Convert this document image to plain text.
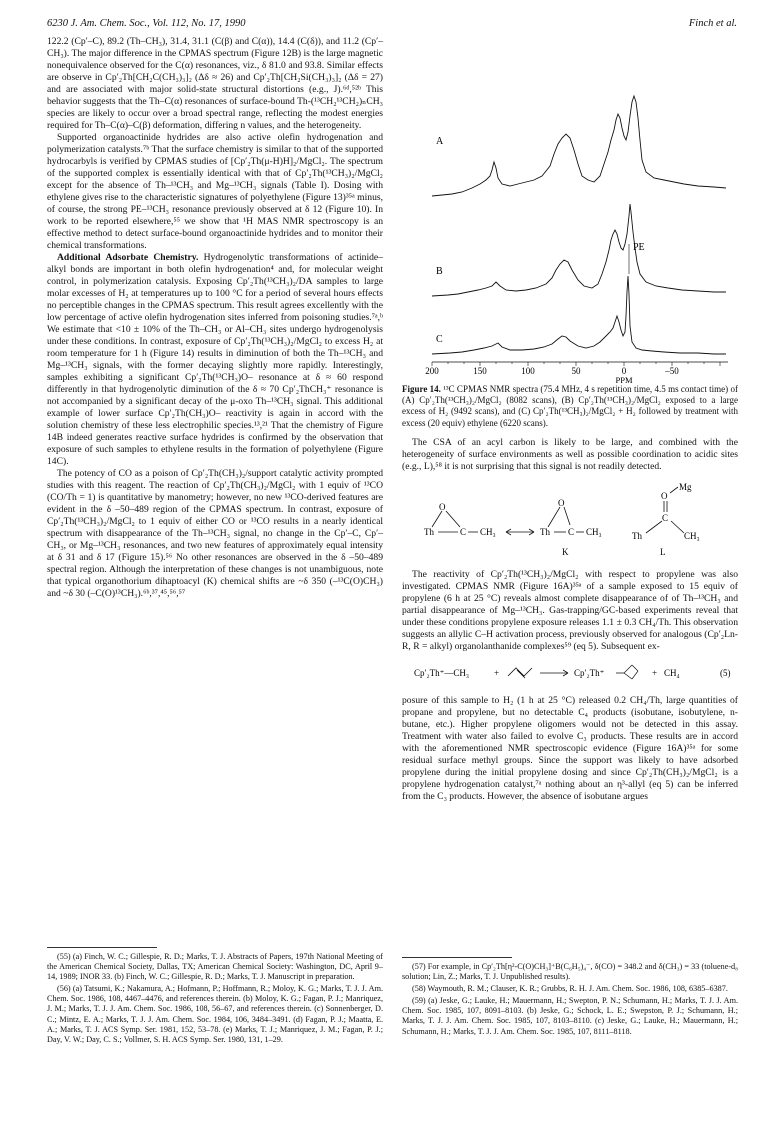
6230 J. Am. Chem. Soc., Vol. 112, No. 17, 1990	Finch et al.

122.2 (Cp′–C), 89.2 (Th–CH₃), 31.4, 31.1 (C(β) and C(α)), 14.4 (C(δ)), and 11.2 (Cp′–CH₃). The major difference in the CPMAS spectrum (Figure 12B) is the large magnetic nonequivalence observed for the C(α) resonances, viz., δ 81.0 and 93.8. Similar effects are observe in Cp′₂Th[CH₂C(CH₃)₃]₂ (Δδ ≈ 26) and Cp′₂Th[CH₂Si(CH₃)₃]₂ (Δδ = 27) and are associated with major solid-state structural distortions (e.g., J).⁶ᵈ,⁵²ᵇ This behavior suggests that the Th–C(α) resonances of surface-bound Th-(¹³CH₂¹³CH₂)ₙCH₃ species are likely to occur over a broad spectral range, reflecting the modest energies required for Th–C(α)–C(β) deformation, differing n values, and the heterogeneity.

Supported organoactinide hydrides are also active olefin hydrogenation and polymerization catalysts.⁷ᵇ That the surface chemistry is similar to that of the supported hydrocarbyls is verified by CPMAS studies of [Cp′₂Th(μ-H)H]₂/MgCl₂. The spectrum of the supported complex is essentially identical with that of Cp′₂Th(¹³CH₃)₂/MgCl₂ except for the absence of Th–¹³CH₃ and Mg–¹³CH₃ signals (Table I). Dosing with ethylene gives rise to the characteristic signatures of polyethylene (Figure 13)³⁵ᵃ minus, of course, the strong PE–¹³CH₃ resonance previously observed at δ 12 (Figure 10). In work to be reported elsewhere,⁵⁵ we show that ¹H MAS NMR spectroscopy is an effective method to detect surface-bound organoactinide hydrides and to monitor their chemical transformations.

Additional Adsorbate Chemistry. Hydrogenolytic transformations of actinide–alkyl bonds are important in both olefin hydrogenation⁴ and, for molecular weight control, in polymerization catalysis. Exposing Cp′₂Th(¹³CH₃)₂/DA samples to large molar excesses of H₂ at temperatures up to 100 °C for a period of several hours effects no perceptible changes in the CPMAS spectrum. This result agrees excellently with the low percentage of active olefin hydrogenation sites inferred from poisoning studies.⁷ᵃ,ᵇ We estimate that <10 ± 10% of the Th–CH₃ or Al–CH₃ sites undergo hydrogenolysis under these conditions. In contrast, exposure of Cp′₂Th(¹³CH₃)₂/MgCl₂ to excess H₂ at room temperature for 1 h (Figure 14) results in diminution of both the Th–¹³CH₃ and Mg–¹³CH₃ signals, with the former decaying slightly more rapidly. Interestingly, samples exhibiting a significant Cp′₂Th(¹³CH₃)O– resonance at δ ≈ 60 respond differently in that hydrogenolytic diminution of the δ ≈ 70 Cp′₂ThCH₃⁺ resonance is not accompanied by a significant decay of the μ-oxo Th–¹³CH₃ signal. This additional example of lower surface Cp′₂Th(CH₃)O– reactivity is again in accord with the solution chemistry of these less electrophilic species.¹³,²¹ That the chemistry of Figure 14B indeed generates reactive surface hydrides is confirmed by the observation that exposure of such samples to ethylene results in the formation of polyethylene (Figure 14C).

The potency of CO as a poison of Cp′₂Th(CH₃)₂/support catalytic activity prompted studies with this reagent. The reaction of Cp′₂Th(CH₃)₂/MgCl₂ with 1 equiv of ¹³CO (CO/Th = 1) is quantitative by manometry; however, no new ¹³CO-derived features are evident in the δ –50–489 region of the CPMAS spectrum. In contrast, exposure of Cp′₂Th(¹³CH₃)₂/MgCl₂ to 1 equiv of either CO or ¹³CO results in a nearly identical spectrum with disappearance of the Th–¹³CH₃ signal, no change in the Cp′–C, Cp′–CH₃, or Mg–¹³CH₃ resonances, and two new features of approximately equal intensity at δ 31 and δ 17 (Figure 15).⁵⁶ No other resonances are observed in the δ –50–489 spectral region. Although the interpretation of these changes is not unambiguous, note that typical organothorium dihaptoacyl (K) chemical shifts are ~δ 350 (–¹³C(O)CH₃) and ~δ 30 (–C(O)¹³CH₃).⁶ᵇ,³⁷,⁴⁵,⁵⁶,⁵⁷

(55) (a) Finch, W. C.; Gillespie, R. D.; Marks, T. J. Abstracts of Papers, 197th National Meeting of the American Chemical Society, Dallas, TX; American Chemical Society: Washington, DC, April 9–14, 1989; INOR 33. (b) Finch, W. C.; Gillespie, R. D.; Marks, T. J. Manuscript in preparation.

(56) (a) Tatsumi, K.; Nakamura, A.; Hofmann, P.; Hoffmann, R.; Moloy, K. G.; Marks, T. J. J. Am. Chem. Soc. 1986, 108, 4467–4476, and references therein. (b) Moloy, K. G.; Fagan, P. J.; Manriquez, J. M.; Marks, T. J. J. Am. Chem. Soc. 1986, 108, 56–67, and references therein. (c) Sonnenberger, D. C.; Mintz, E. A.; Marks, T. J. J. Am. Chem. Soc. 1984, 106, 3484–3491. (d) Fagan, P. J.; Maatta, E. A.; Marks, T. J. ACS Symp. Ser. 1981, 152, 53–78. (e) Marks, T. J.; Manriquez, J. M.; Fagan, P. J.; Day, V. W.; Day, C. S.; Vollmer, S. H. ACS Symp. Ser. 1980, 131, 1–29.

PE
A
B
C
200	150	100	50	0	–50
PPM

Figure 14. ¹³C CPMAS NMR spectra (75.4 MHz, 4 s repetition time, 4.5 ms contact time) of (A) Cp′₂Th(¹³CH₃)₂/MgCl₂ (8082 scans), (B) Cp′₂Th(¹³CH₃)₂/MgCl₂ exposed to a large excess of H₂ (9492 scans), and (C) Cp′₂Th(¹³CH₃)₂/MgCl₂ + H₂ followed by treatment with excess (20 equiv) ethylene (6220 scans).

The CSA of an acyl carbon is likely to be large, and combined with the heterogeneity of surface environments as well as possible coordination to acidic sites (e.g., L),⁵⁸ it is not surprising that this signal is not readily detected.

Th	C CH₃
O
Th C CH₃
O
K
Th
C
CH₃
O
Mg
L

The reactivity of Cp′₂Th(¹³CH₃)₂/MgCl₂ with respect to propylene was also investigated. CPMAS NMR (Figure 16A)³⁵ᵃ of a sample exposed to 15 equiv of propylene (6 h at 25 °C) reveals almost complete disappearance of of Th–¹³CH₃ and partial disappearance of Mg–¹³CH₃. Gas-trapping/GC-based experiments reveal that under these conditions propylene exposure releases 1.1 ± 0.3 CH₄/Th. This observation suggests an allylic C–H activation process, previously observed for analogous (Cp′₂Ln-R, R = alkyl) organolanthanide complexes⁵⁹ (eq 5). Subsequent ex-

Cp′₂Th⁺—CH₃	+	Cp′₂Th⁺	+ CH₄	(5)

posure of this sample to H₂ (1 h at 25 °C) released 0.2 CH₄/Th, large quantities of propane and propylene, but no detectable C₄ products (isobutane, isobutylene, n-butane, etc.). Higher propylene oligomers would not be detected in this assay. Treatment with water also failed to evolve C₃ products. These results are in accord with the aforementioned NMR spectroscopic evidence (Figure 16A)³⁵ᵃ for some residual surface methyl groups. Since the support was likely to have adsorbed propylene during the initial propylene dosing and since Cp′₂Th(CH₃)₂/MgCl₂ is a propylene hydrogenation catalyst,⁷ᵃ nothing about an η³-allyl (eq 5) can be inferred from the C₃ products. However, the absence of isobutane argues

(57) For example, in Cp′₂Th[η²-C(O)CH₃]⁺B(C₆H₅)₄⁻, δ(CO) = 348.2 and δ(CH₃) = 33 (toluene-d₈ solution; Lin, Z.; Marks, T. J. Unpublished results).

(58) Waymouth, R. M.; Clauser, K. R.; Grubbs, R. H. J. Am. Chem. Soc. 1986, 108, 6385–6387.

(59) (a) Jeske, G.; Lauke, H.; Mauermann, H.; Swepton, P. N.; Schumann, H.; Marks, T. J. J. Am. Chem. Soc. 1985, 107, 8091–8103. (b) Jeske, G.; Schock, L. E.; Swepston, P. J.; Schumann, H.; Marks, T. J. J. Am. Chem. Soc. 1985, 107, 8103–8110. (c) Jeske, G.; Lauke, H.; Mauermann, H.; Schumann, H.; Marks, T. J. J. Am. Chem. Soc. 1985, 107, 8111–8118.
